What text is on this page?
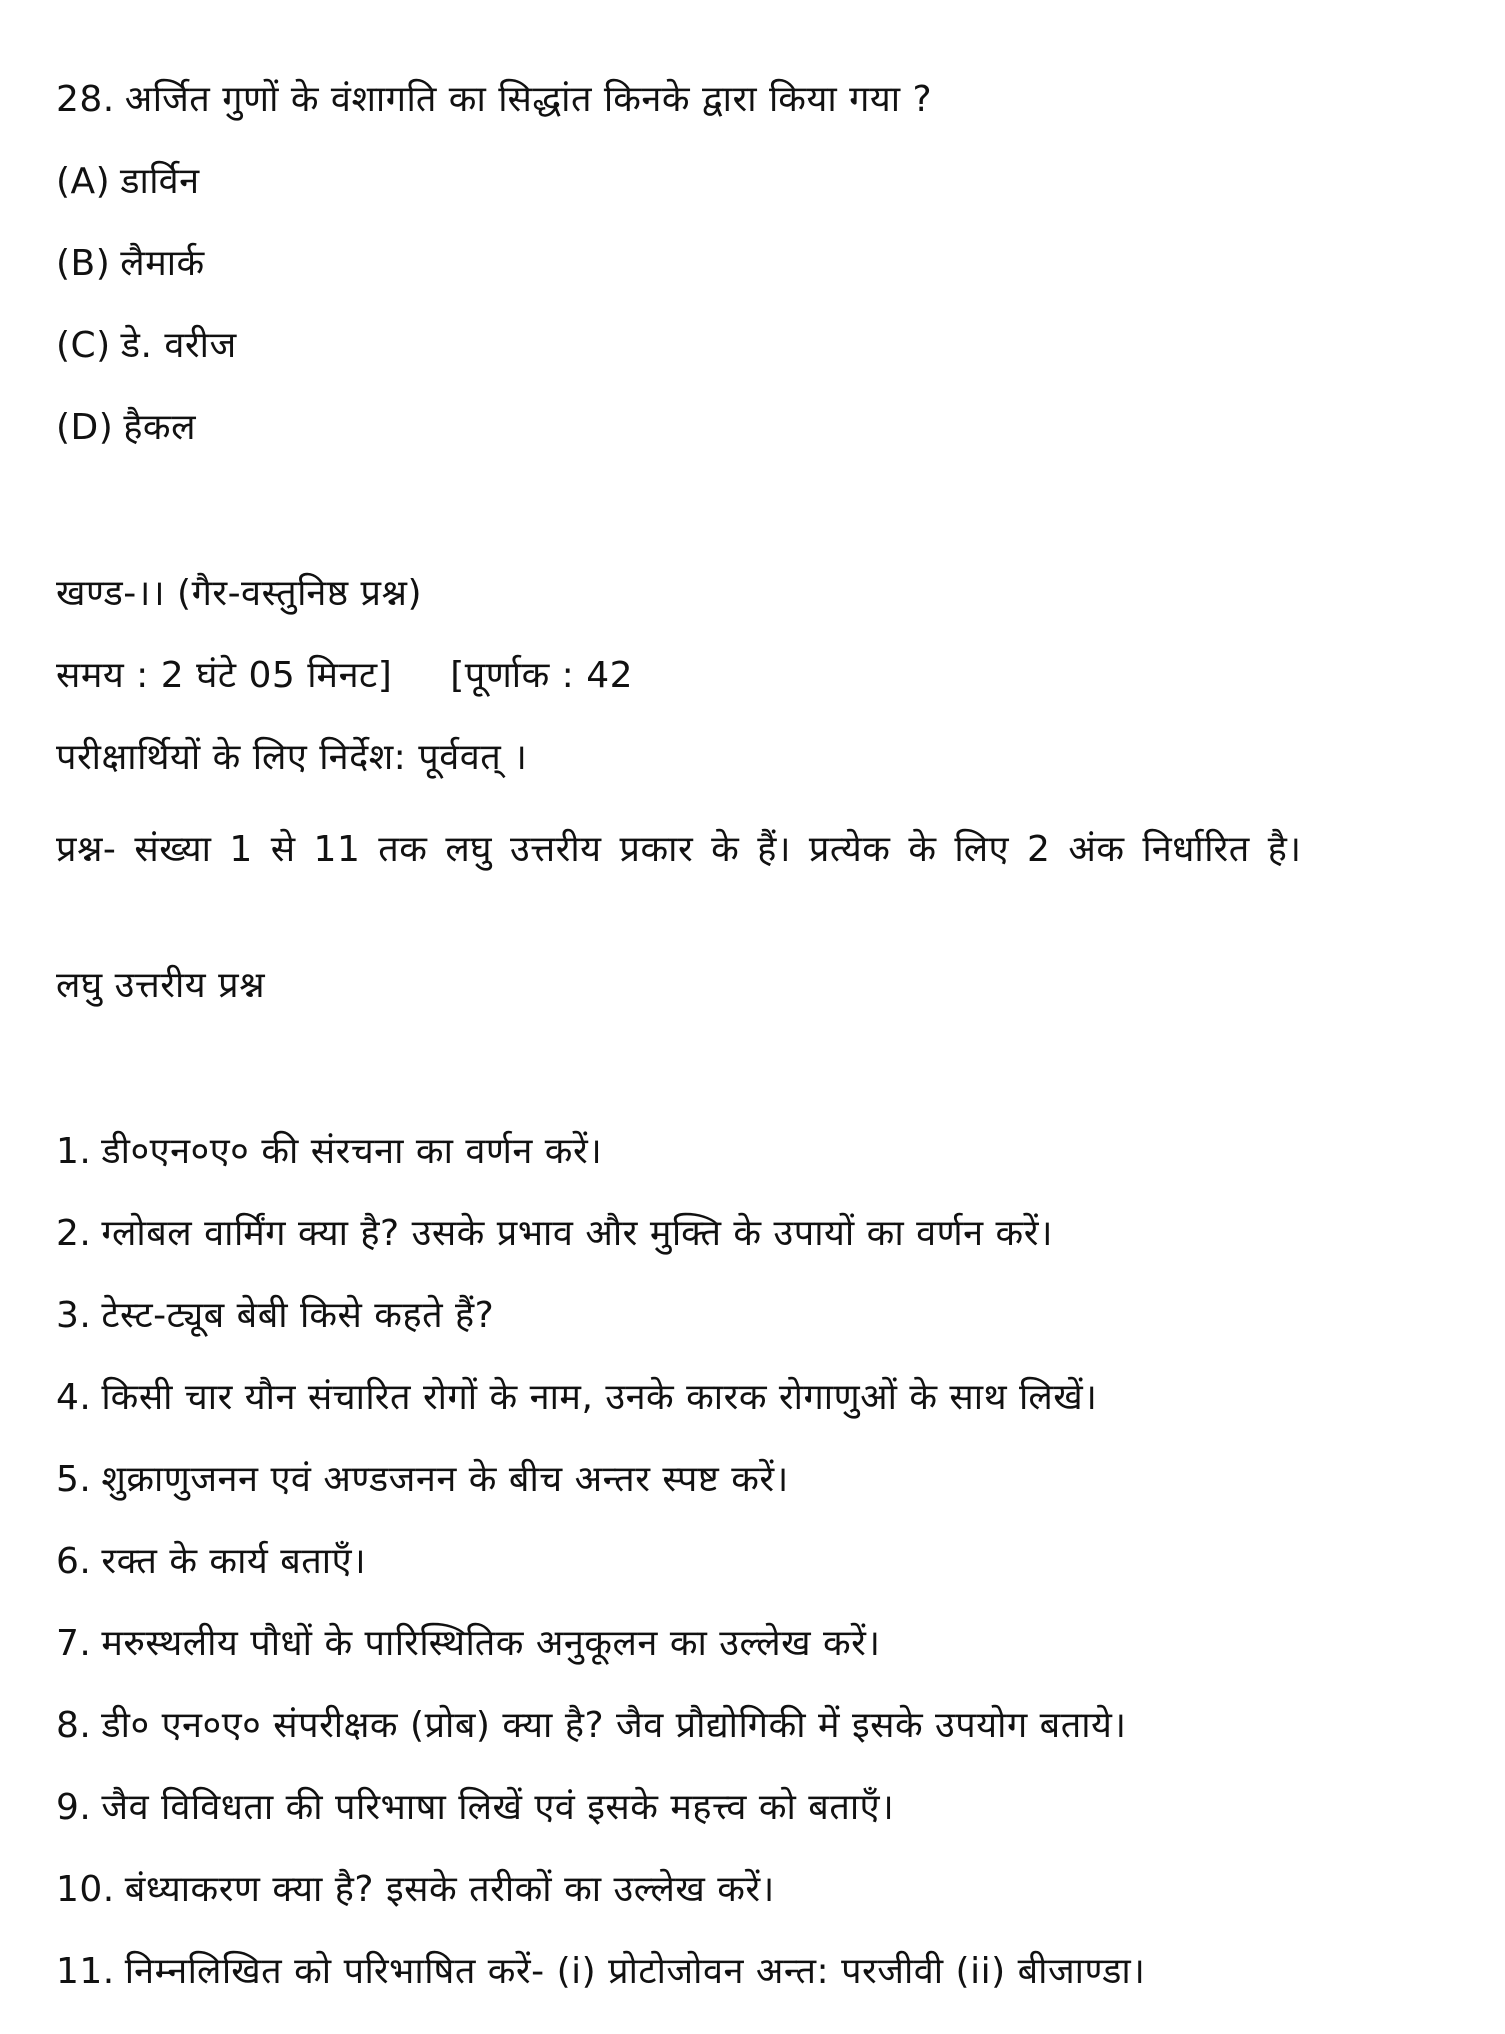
28. अर्जित गुणों के वंशागति का सिद्धांत किनके द्वारा किया गया ?
(A) डार्विन
(B) लैमार्क
(C) डे. वरीज
(D) हैकल
खण्ड-।। (गैर-वस्तुनिष्ठ प्रश्न)
समय : 2 घंटे 05 मिनट] [पूर्णाक : 42
परीक्षार्थियों के लिए निर्देश: पूर्ववत् ।
प्रश्न- संख्या 1 से 11 तक लघु उत्तरीय प्रकार के हैं। प्रत्येक के लिए 2 अंक निर्धारित है।
लघु उत्तरीय प्रश्न
1. डी०एन०ए० की संरचना का वर्णन करें।
2. ग्लोबल वार्मिंग क्या है? उसके प्रभाव और मुक्ति के उपायों का वर्णन करें।
3. टेस्ट-ट्यूब बेबी किसे कहते हैं?
4. किसी चार यौन संचारित रोगों के नाम, उनके कारक रोगाणुओं के साथ लिखें।
5. शुक्राणुजनन एवं अण्डजनन के बीच अन्तर स्पष्ट करें।
6. रक्त के कार्य बताएँ।
7. मरुस्थलीय पौधों के पारिस्थितिक अनुकूलन का उल्लेख करें।
8. डी० एन०ए० संपरीक्षक (प्रोब) क्या है? जैव प्रौद्योगिकी में इसके उपयोग बताये।
9. जैव विविधता की परिभाषा लिखें एवं इसके महत्त्व को बताएँ।
10. बंध्याकरण क्या है? इसके तरीकों का उल्लेख करें।
11. निम्नलिखित को परिभाषित करें- (i) प्रोटोजोवन अन्त: परजीवी (ii) बीजाण्डा।
